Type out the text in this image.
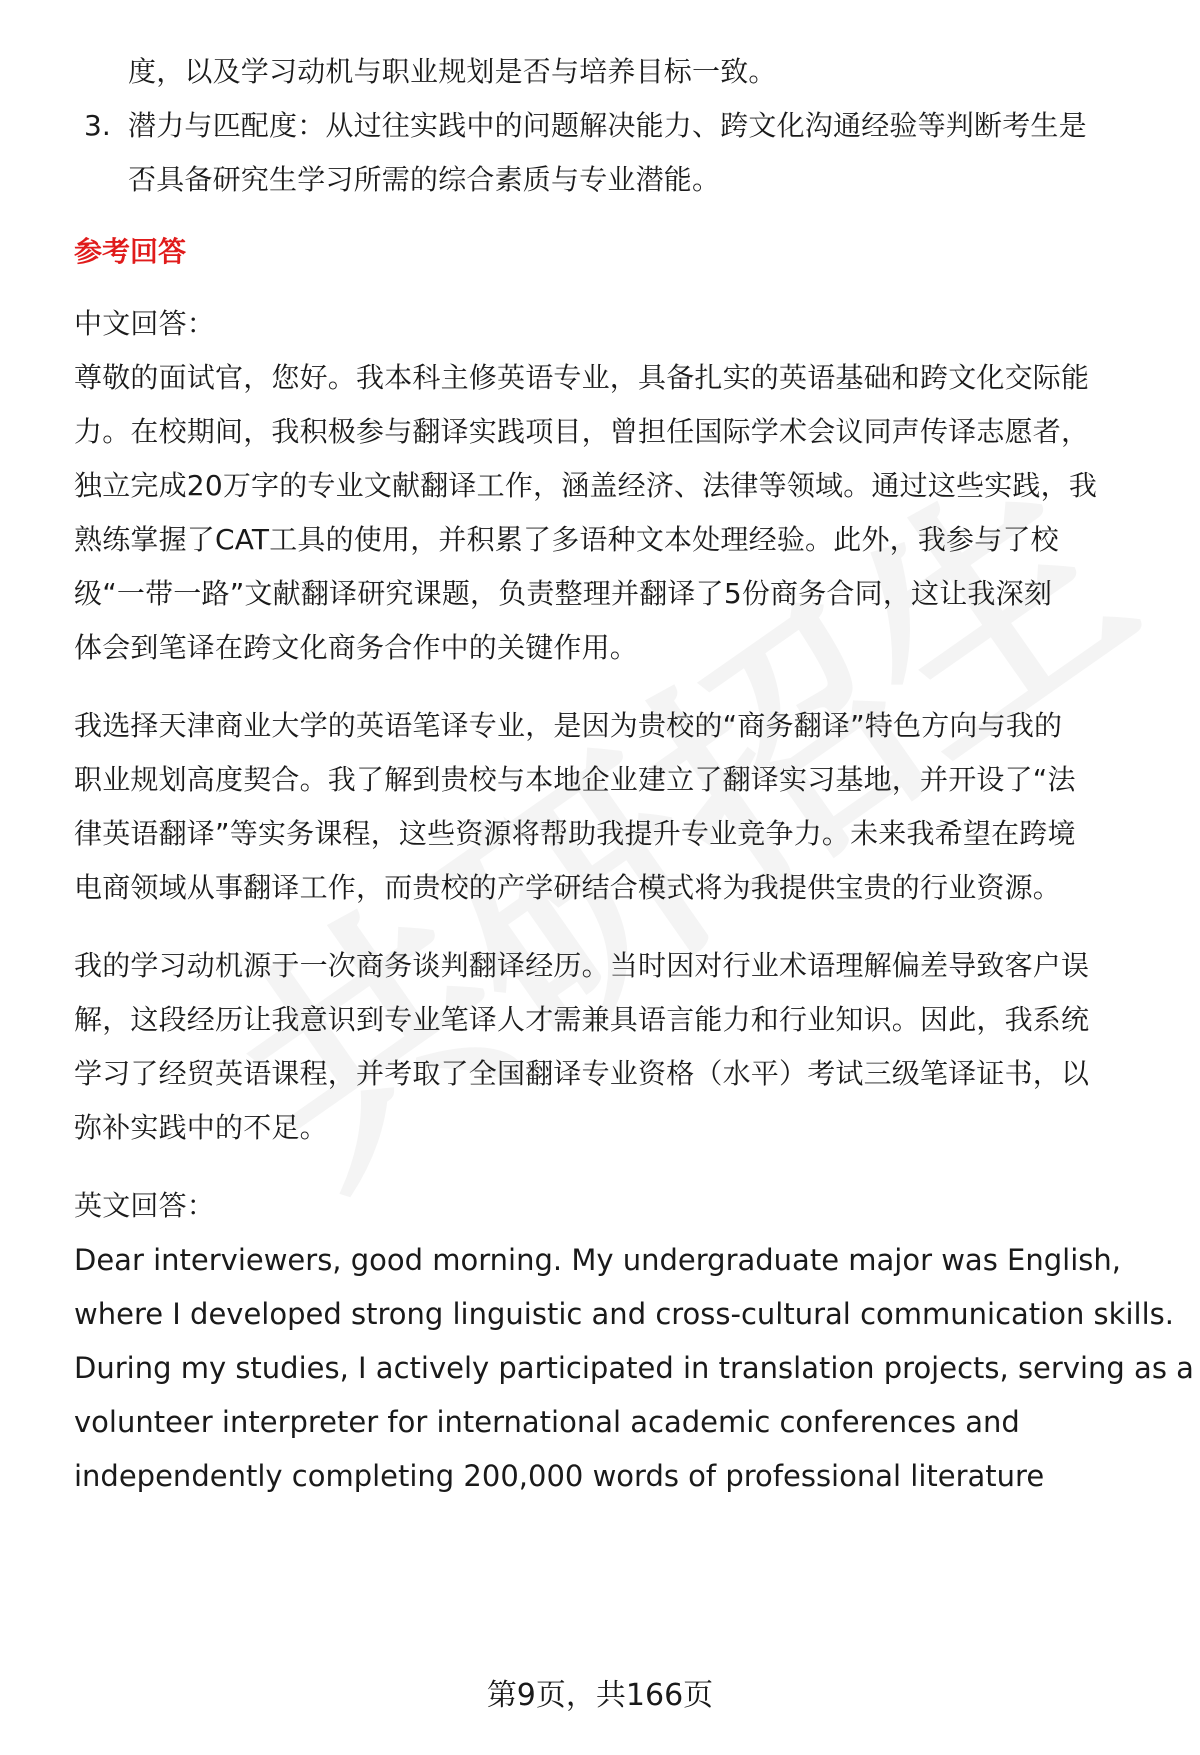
度，以及学习动机与职业规划是否与培养目标一致。
3. 潜力与匹配度：从过往实践中的问题解决能力、跨文化沟通经验等判断考生是
否具备研究生学习所需的综合素质与专业潜能。
参考回答
中文回答：
尊敬的面试官，您好。我本科主修英语专业，具备扎实的英语基础和跨文化交际能
力。在校期间，我积极参与翻译实践项目，曾担任国际学术会议同声传译志愿者，
独立完成20万字的专业文献翻译工作，涵盖经济、法律等领域。通过这些实践，我
熟练掌握了CAT工具的使用，并积累了多语种文本处理经验。此外，我参与了校
级“一带一路”文献翻译研究课题，负责整理并翻译了5份商务合同，这让我深刻
体会到笔译在跨文化商务合作中的关键作用。
我选择天津商业大学的英语笔译专业，是因为贵校的“商务翻译”特色方向与我的
职业规划高度契合。我了解到贵校与本地企业建立了翻译实习基地，并开设了“法
律英语翻译”等实务课程，这些资源将帮助我提升专业竞争力。未来我希望在跨境
电商领域从事翻译工作，而贵校的产学研结合模式将为我提供宝贵的行业资源。
我的学习动机源于一次商务谈判翻译经历。当时因对行业术语理解偏差导致客户误
解，这段经历让我意识到专业笔译人才需兼具语言能力和行业知识。因此，我系统
学习了经贸英语课程，并考取了全国翻译专业资格（水平）考试三级笔译证书，以
弥补实践中的不足。
英文回答：
Dear interviewers, good morning. My undergraduate major was English,
where I developed strong linguistic and cross-cultural communication skills.
During my studies, I actively participated in translation projects, serving as a
volunteer interpreter for international academic conferences and
independently completing 200,000 words of professional literature
第9页，共166页
